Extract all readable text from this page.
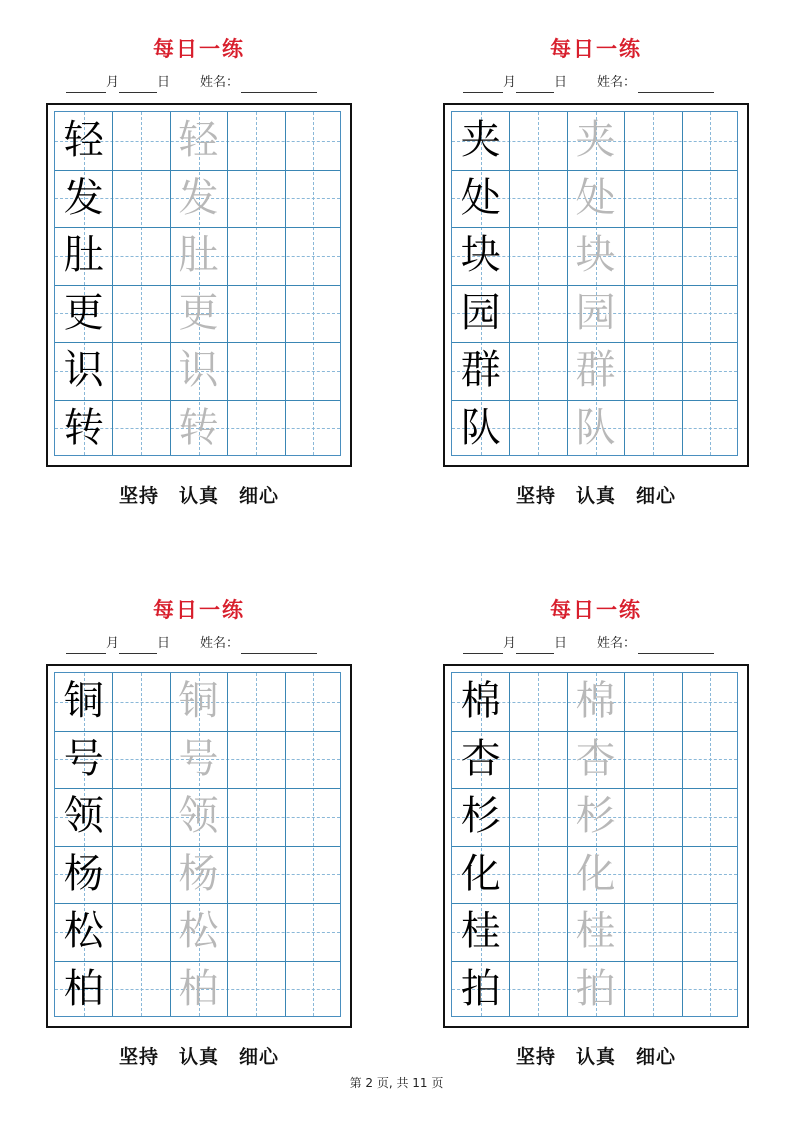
每日一练
月	日 姓名：
轻 轻
发 发
肚 肚
更 更
识 识
转 转
坚持 认真 细心
每日一练
月	日 姓名：
夹 夹
处 处
块 块
园 园
群 群
队 队
坚持 认真 细心
每日一练
月	日 姓名：
铜 铜
号 号
领 领
杨 杨
松 松
柏 柏
坚持 认真 细心
每日一练
月	日 姓名：
棉 棉
杏 杏
杉 杉
化 化
桂 桂
拍 拍
坚持 认真 细心
第 2 页, 共 11 页
